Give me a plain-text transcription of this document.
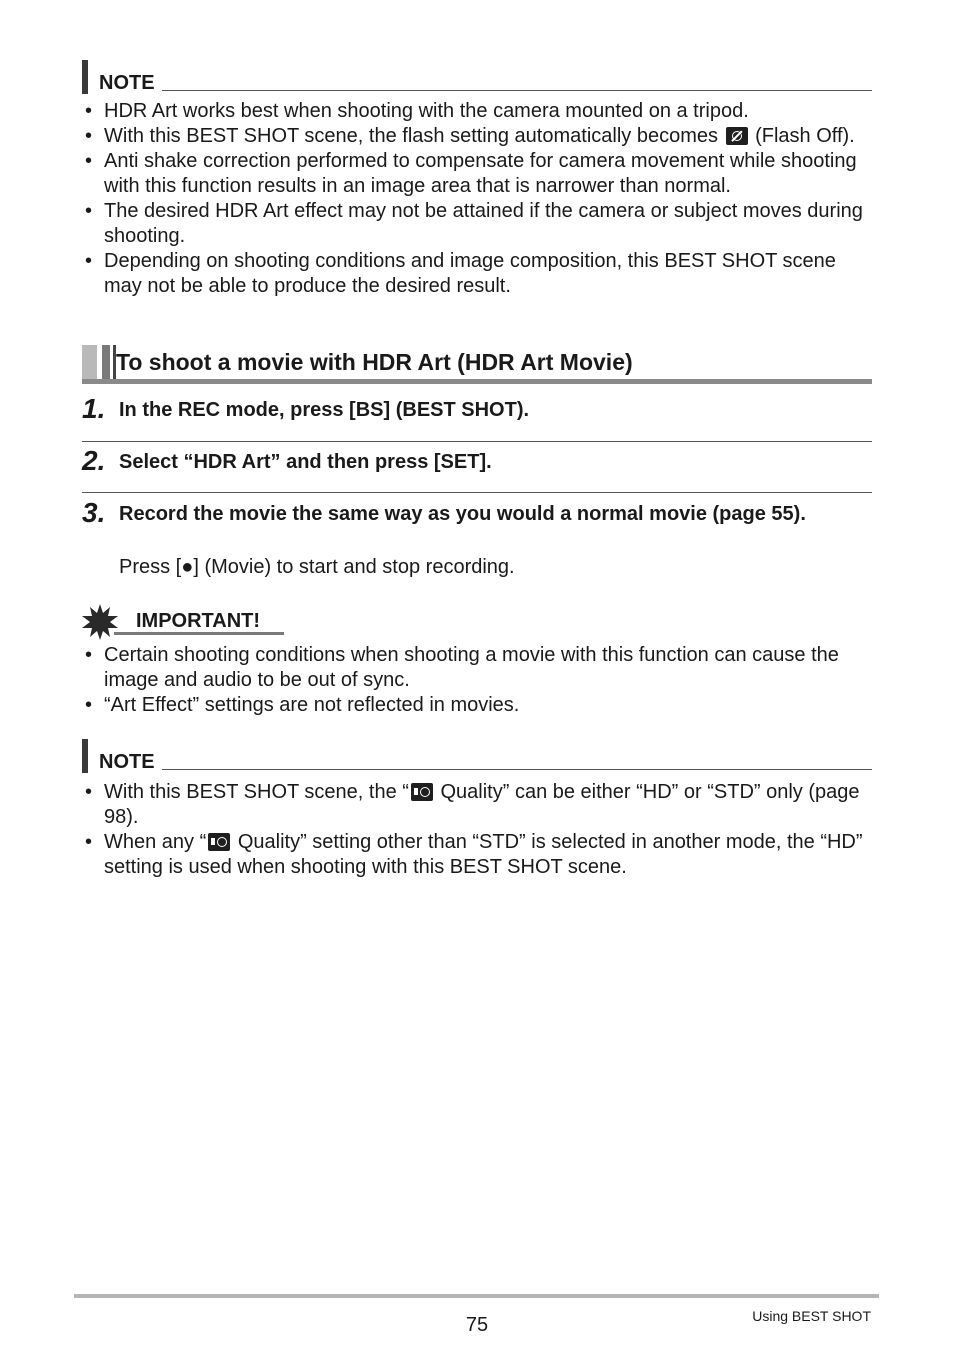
NOTE
• HDR Art works best when shooting with the camera mounted on a tripod.
• With this BEST SHOT scene, the flash setting automatically becomes  (Flash Off).
• Anti shake correction performed to compensate for camera movement while shooting with this function results in an image area that is narrower than normal.
• The desired HDR Art effect may not be attained if the camera or subject moves during shooting.
• Depending on shooting conditions and image composition, this BEST SHOT scene may not be able to produce the desired result.
To shoot a movie with HDR Art (HDR Art Movie)
1. In the REC mode, press [BS] (BEST SHOT).
2. Select “HDR Art” and then press [SET].
3. Record the movie the same way as you would a normal movie (page 55).
Press [●] (Movie) to start and stop recording.
IMPORTANT!
• Certain shooting conditions when shooting a movie with this function can cause the image and audio to be out of sync.
• “Art Effect” settings are not reflected in movies.
NOTE
• With this BEST SHOT scene, the “ Quality” can be either “HD” or “STD” only (page 98).
• When any “ Quality” setting other than “STD” is selected in another mode, the “HD” setting is used when shooting with this BEST SHOT scene.
75	Using BEST SHOT
